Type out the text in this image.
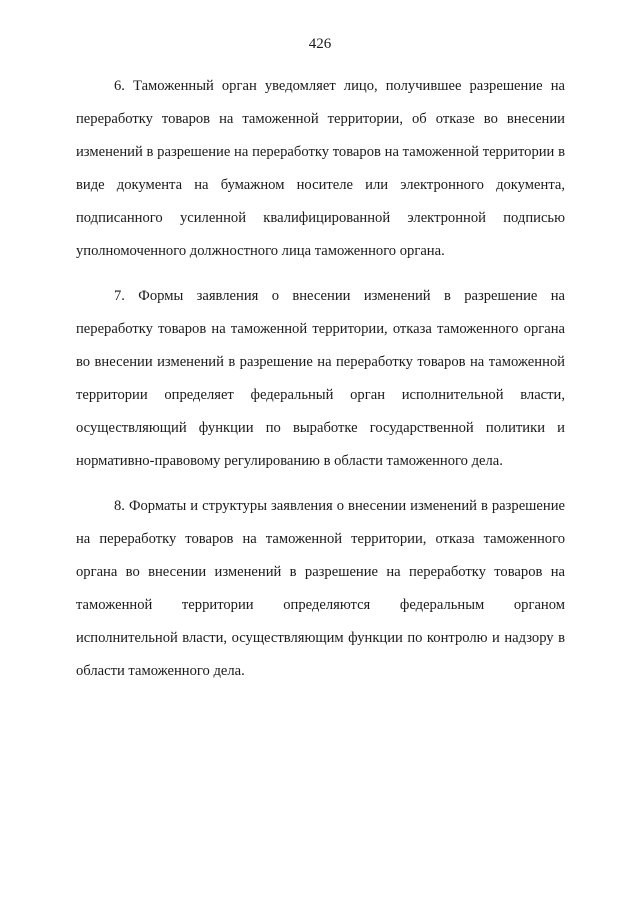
426

6. Таможенный орган уведомляет лицо, получившее разрешение на переработку товаров на таможенной территории, об отказе во внесении изменений в разрешение на переработку товаров на таможенной территории в виде документа на бумажном носителе или электронного документа, подписанного усиленной квалифицированной электронной подписью уполномоченного должностного лица таможенного органа.

7. Формы заявления о внесении изменений в разрешение на переработку товаров на таможенной территории, отказа таможенного органа во внесении изменений в разрешение на переработку товаров на таможенной территории определяет федеральный орган исполнительной власти, осуществляющий функции по выработке государственной политики и нормативно-правовому регулированию в области таможенного дела.

8. Форматы и структуры заявления о внесении изменений в разрешение на переработку товаров на таможенной территории, отказа таможенного органа во внесении изменений в разрешение на переработку товаров на таможенной территории определяются федеральным органом исполнительной власти, осуществляющим функции по контролю и надзору в области таможенного дела.
